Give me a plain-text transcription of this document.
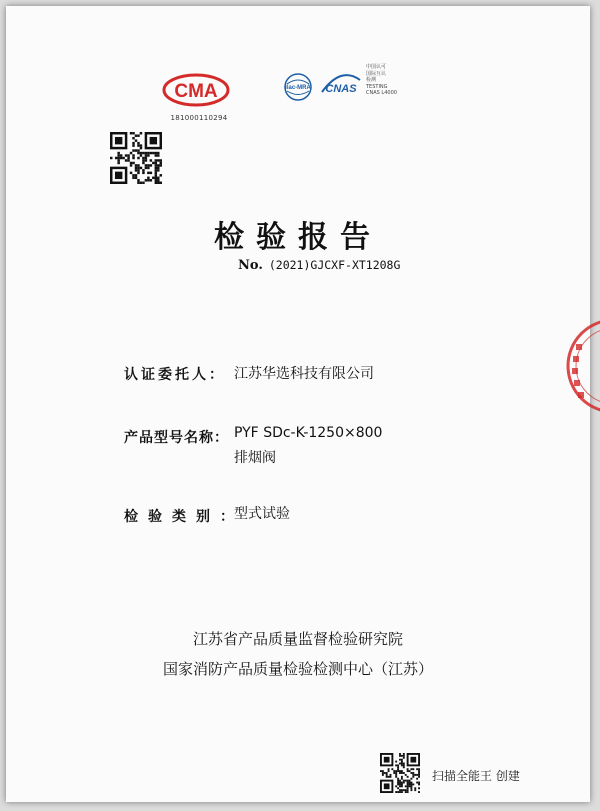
CMA
181000110294
ilac-MRA CNAS
中国认可
国际互认
检测
TESTING
CNAS L4000
检验报告
No. (2021)GJCXF-XT1208G
认证委托人： 江苏华选科技有限公司
产品型号名称： PYF SDc-K-1250×800
排烟阀
检验类别：
型式试验
江苏省产品质量监督检验研究院
国家消防产品质量检验检测中心（江苏）
扫描全能王 创建
